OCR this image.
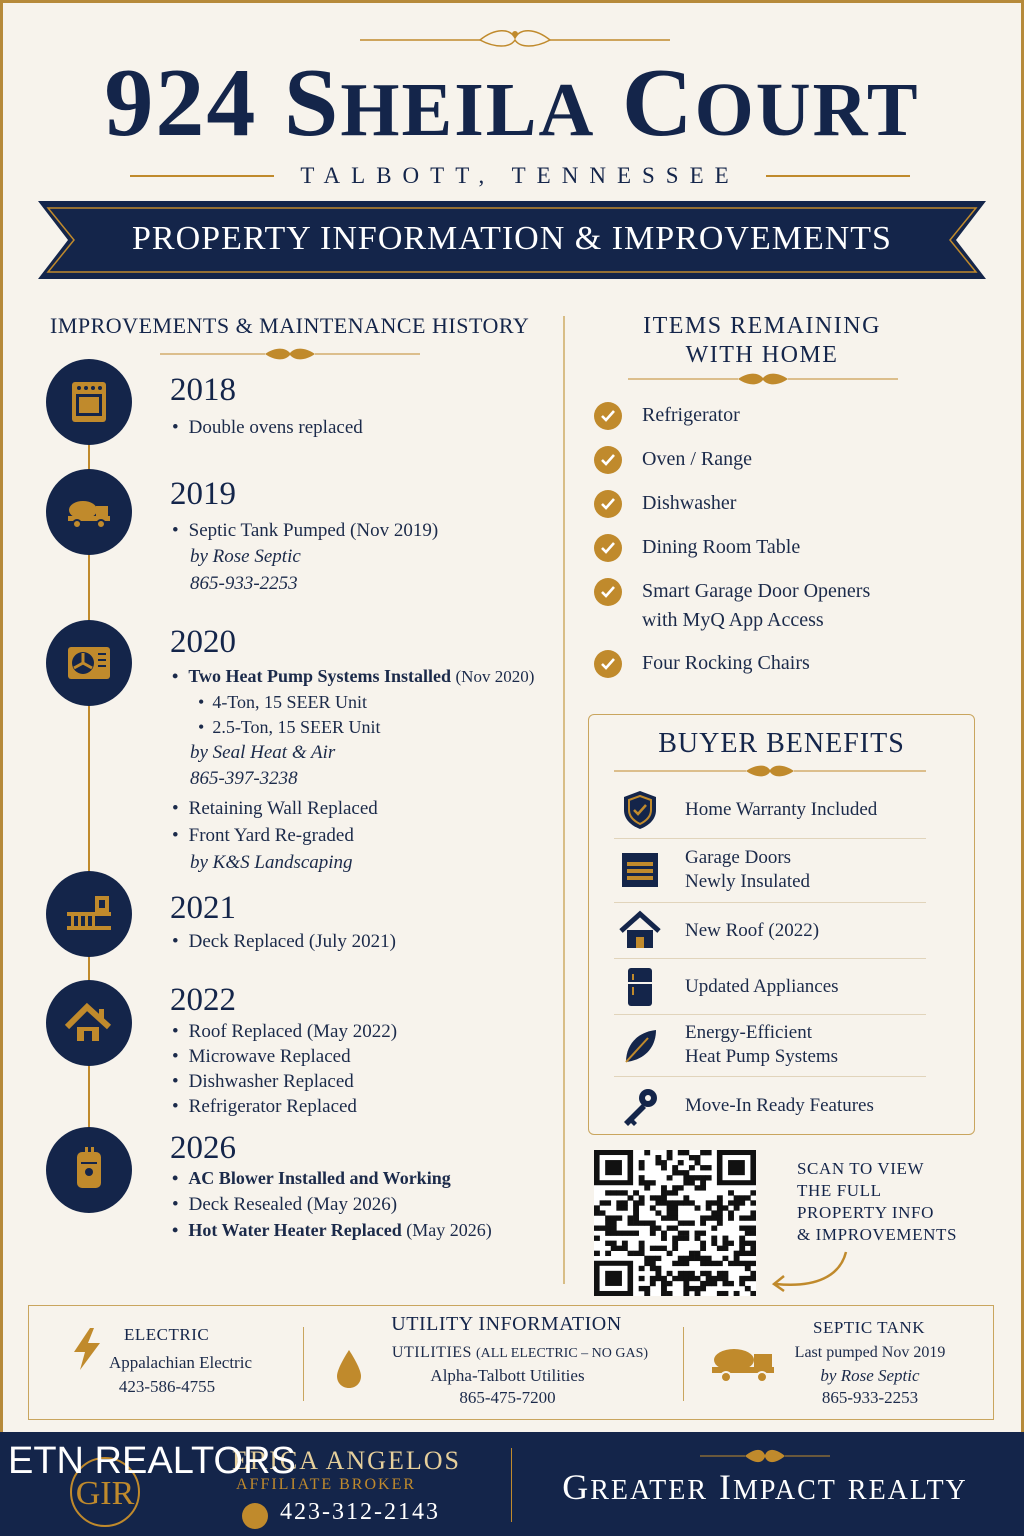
924 SHEILA COURT
TALBOTT, TENNESSEE
PROPERTY INFORMATION & IMPROVEMENTS
IMPROVEMENTS & MAINTENANCE HISTORY
2018
• Double ovens replaced
2019
• Septic Tank Pumped (Nov 2019)
by Rose Septic
865-933-2253
2020
• Two Heat Pump Systems Installed (Nov 2020)
• 4-Ton, 15 SEER Unit
• 2.5-Ton, 15 SEER Unit
by Seal Heat & Air
865-397-3238
• Retaining Wall Replaced
• Front Yard Re-graded
by K&S Landscaping
2021
• Deck Replaced (July 2021)
2022
• Roof Replaced (May 2022)
• Microwave Replaced
• Dishwasher Replaced
• Refrigerator Replaced
2026
• AC Blower Installed and Working
• Deck Resealed (May 2026)
• Hot Water Heater Replaced (May 2026)
ITEMS REMAINING
WITH HOME
Refrigerator
Oven / Range
Dishwasher
Dining Room Table
Smart Garage Door Openers
with MyQ App Access
Four Rocking Chairs
BUYER BENEFITS
Home Warranty Included
Garage Doors
Newly Insulated
New Roof (2022)
Updated Appliances
Energy-Efficient
Heat Pump Systems
Move-In Ready Features
SCAN TO VIEW
THE FULL
PROPERTY INFO
& IMPROVEMENTS
ELECTRIC
Appalachian Electric
423-586-4755
UTILITY INFORMATION
UTILITIES (ALL ELECTRIC – NO GAS)
Alpha-Talbott Utilities
865-475-7200
SEPTIC TANK
Last pumped Nov 2019
by Rose Septic
865-933-2253
GIR
ERICA ANGELOS
ETN REALTORS
AFFILIATE BROKER
423-312-2143
GREATER IMPACT REALTY
